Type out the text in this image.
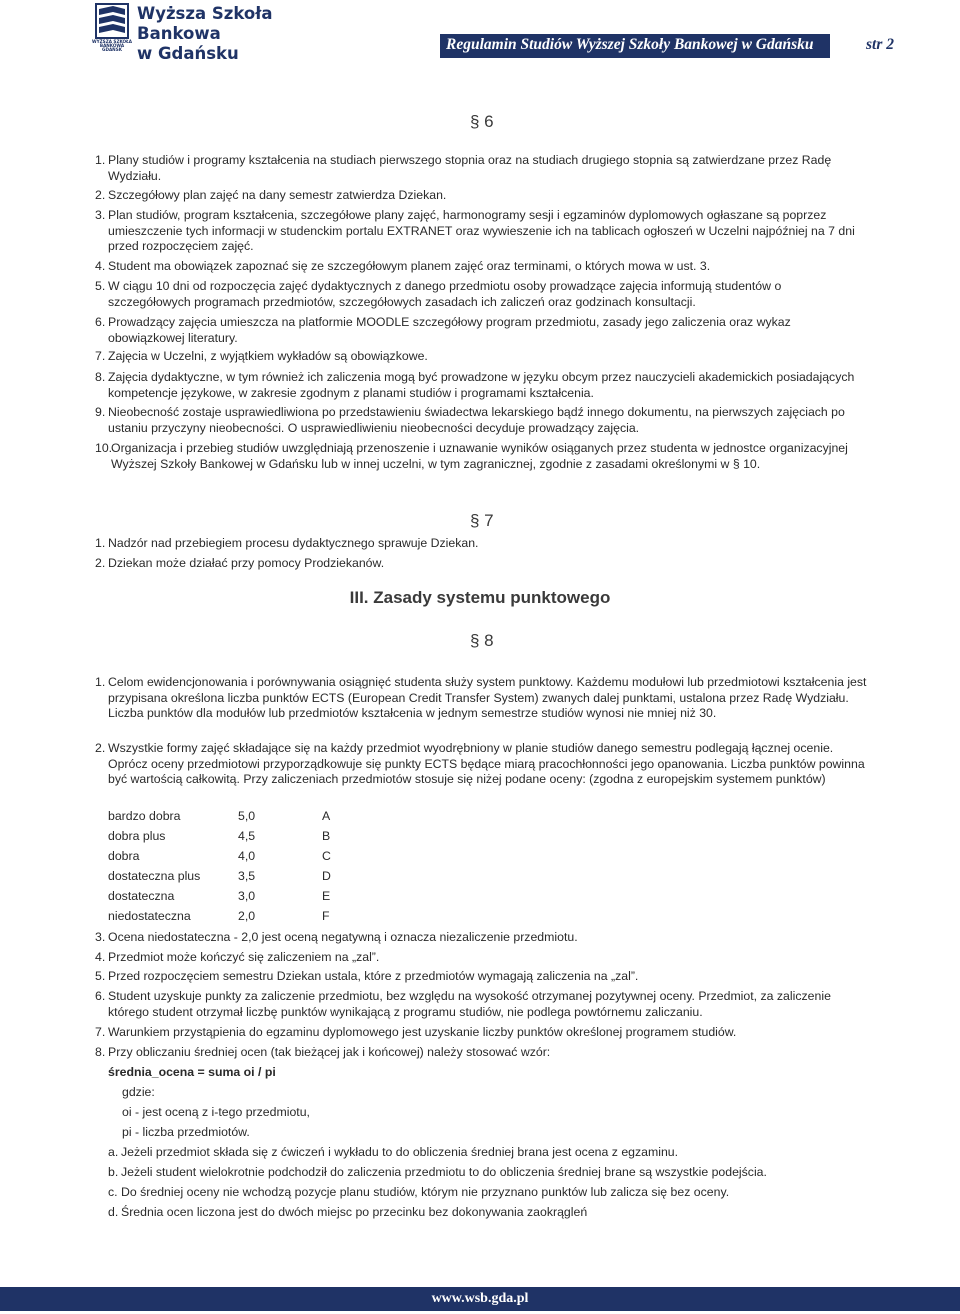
WYŻSZA SZKOŁA
BANKOWA
GDAŃSK
Wyższa Szkoła Bankowa
w Gdańsku	Regulamin Studiów Wyższej Szkoły Bankowej w Gdańsku	str 2
§ 6
1. Plany studiów i programy kształcenia na studiach pierwszego stopnia oraz na studiach drugiego stopnia są zatwierdzane przez Radę Wydziału.
2. Szczegółowy plan zajęć na dany semestr zatwierdza Dziekan.
3. Plan studiów, program kształcenia, szczegółowe plany zajęć, harmonogramy sesji i egzaminów dyplomowych ogłaszane są poprzez umieszczenie tych informacji w studenckim portalu EXTRANET oraz wywieszenie ich na tablicach ogłoszeń w Uczelni najpóźniej na 7 dni przed rozpoczęciem zajęć.
4. Student ma obowiązek zapoznać się ze szczegółowym planem zajęć oraz terminami, o których mowa w ust. 3.
5. W ciągu 10 dni od rozpoczęcia zajęć dydaktycznych z danego przedmiotu osoby prowadzące zajęcia informują studentów o szczegółowych programach przedmiotów, szczegółowych zasadach ich zaliczeń oraz godzinach konsultacji.
6. Prowadzący zajęcia umieszcza na platformie MOODLE szczegółowy program przedmiotu, zasady jego zaliczenia oraz wykaz obowiązkowej literatury.
7. Zajęcia w Uczelni, z wyjątkiem wykładów są obowiązkowe.
8. Zajęcia dydaktyczne, w tym również ich zaliczenia mogą być prowadzone w języku obcym przez nauczycieli akademickich posiadających kompetencje językowe, w zakresie zgodnym z planami studiów i programami kształcenia.
9. Nieobecność zostaje usprawiedliwiona po przedstawieniu świadectwa lekarskiego bądź innego dokumentu, na pierwszych zajęciach po ustaniu przyczyny nieobecności. O usprawiedliwieniu nieobecności decyduje prowadzący zajęcia.
10.
Organizacja i przebieg studiów uwzględniają przenoszenie i uznawanie wyników osiąganych przez studenta w jednostce organizacyjnej Wyższej Szkoły Bankowej w Gdańsku lub w innej uczelni, w tym zagranicznej, zgodnie z zasadami określonymi w § 10.
§ 7
1. Nadzór nad przebiegiem procesu dydaktycznego sprawuje Dziekan.
2. Dziekan może działać przy pomocy Prodziekanów.
III. Zasady systemu punktowego
§ 8
1. Celom ewidencjonowania i porównywania osiągnięć studenta służy system punktowy. Każdemu modułowi lub przedmiotowi kształcenia jest przypisana określona liczba punktów ECTS (European Credit Transfer System) zwanych dalej punktami, ustalona przez Radę Wydziału. Liczba punktów dla modułów lub przedmiotów kształcenia w jednym semestrze studiów wynosi nie mniej niż 30.
2. Wszystkie formy zajęć składające się na każdy przedmiot wyodrębniony w planie studiów danego semestru podlegają łącznej ocenie. Oprócz oceny przedmiotowi przyporządkowuje się punkty ECTS będące miarą pracochłonności jego opanowania. Liczba punktów powinna być wartością całkowitą. Przy zaliczeniach przedmiotów stosuje się niżej podane oceny: (zgodna z europejskim systemem punktów)
bardzo dobra	5,0	A
dobra plus	4,5	B
dobra	4,0	C
dostateczna plus	3,5	D
dostateczna	3,0	E
niedostateczna	2,0	F
3. Ocena niedostateczna - 2,0 jest oceną negatywną i oznacza niezaliczenie przedmiotu.
4. Przedmiot może kończyć się zaliczeniem na „zal”.
5. Przed rozpoczęciem semestru Dziekan ustala, które z przedmiotów wymagają zaliczenia na „zal”.
6. Student uzyskuje punkty za zaliczenie przedmiotu, bez względu na wysokość otrzymanej pozytywnej oceny. Przedmiot, za zaliczenie którego student otrzymał liczbę punktów wynikającą z programu studiów, nie podlega powtórnemu zaliczaniu.
7. Warunkiem przystąpienia do egzaminu dyplomowego jest uzyskanie liczby punktów określonej programem studiów.
8. Przy obliczaniu średniej ocen (tak bieżącej jak i końcowej) należy stosować wzór:
średnia_ocena = suma oi / pi
gdzie:
oi - jest oceną z i-tego przedmiotu,
pi - liczba przedmiotów.
a. Jeżeli przedmiot składa się z ćwiczeń i wykładu to do obliczenia średniej brana jest ocena z egzaminu.
b. Jeżeli student wielokrotnie podchodził do zaliczenia przedmiotu to do obliczenia średniej brane są wszystkie podejścia.
c. Do średniej oceny nie wchodzą pozycje planu studiów, którym nie przyznano punktów lub zalicza się bez oceny.
d. Średnia ocen liczona jest do dwóch miejsc po przecinku bez dokonywania zaokrągleń
www.wsb.gda.pl
